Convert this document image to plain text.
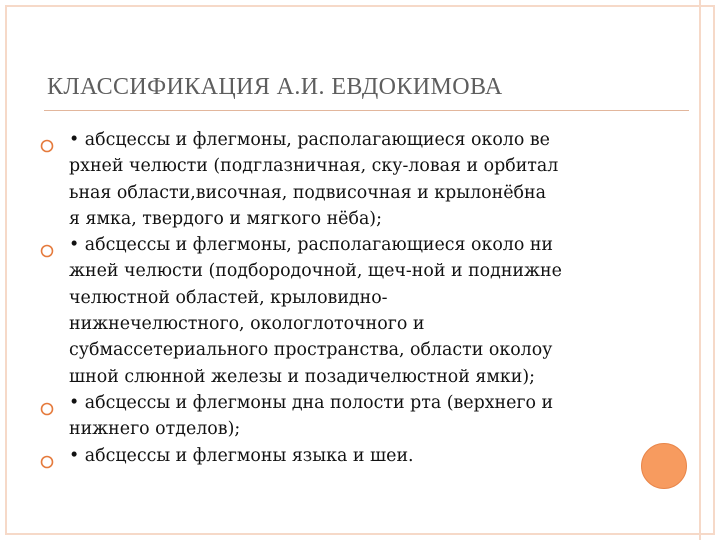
КЛАССИФИКАЦИЯ А.И. ЕВДОКИМОВА
• абсцессы и флегмоны, располагающиеся около ве
рхней челюсти (подглазничная, ску-ловая и орбитал
ьная области,височная, подвисочная и крылонёбна
я ямка, твердого и мягкого нёба);
• абсцессы и флегмоны, располагающиеся около ни
жней челюсти (подбородочной, щеч-ной и поднижне
челюстной областей, крыловидно-
нижнечелюстного, окологлоточного и
субмассетериального пространства, области околоу
шной слюнной железы и позадичелюстной ямки);
• абсцессы и флегмоны дна полости рта (верхнего и
нижнего отделов);
• абсцессы и флегмоны языка и шеи.
